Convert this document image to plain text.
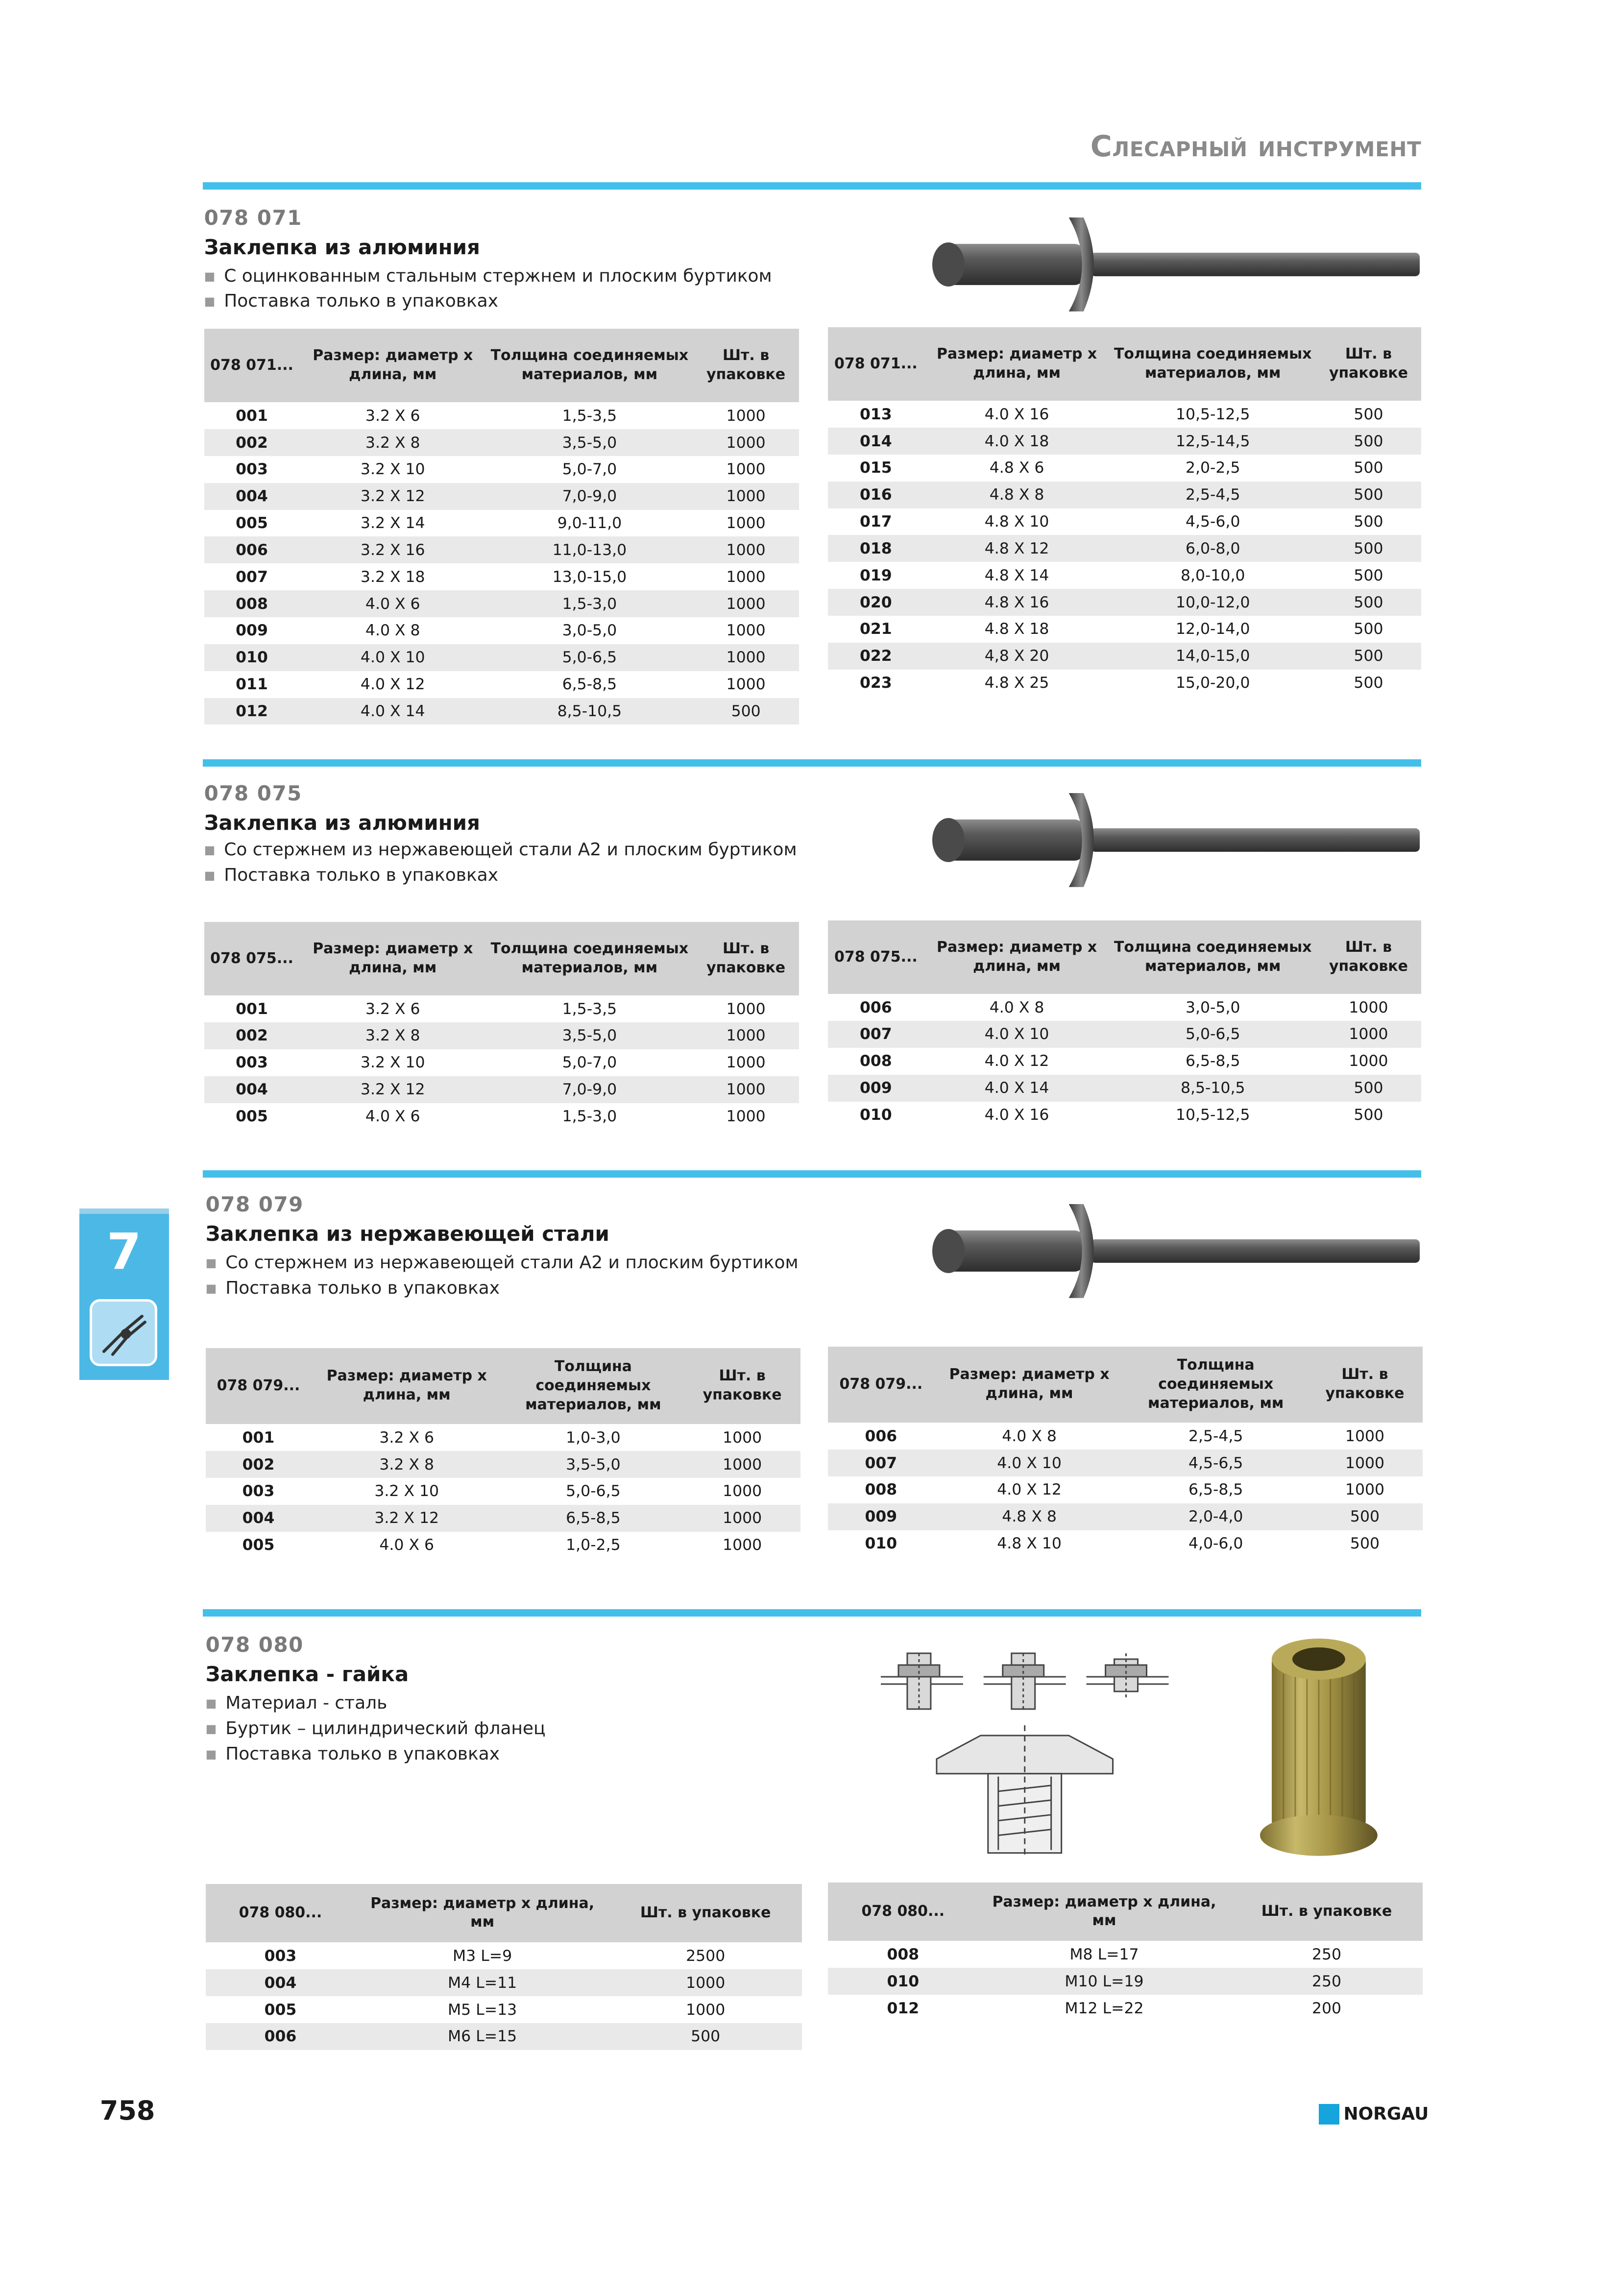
Слесарный инструмент
078 071
Заклепка из алюминия
■ С оцинкованным стальным стержнем и плоским буртиком
■ Поставка только в упаковках
078 071...	Размер: диаметр х длина, мм	Толщина соединяемых материалов, мм	Шт. в упаковке
001	3.2 X 6	1,5-3,5	1000
002	3.2 X 8	3,5-5,0	1000
003	3.2 X 10	5,0-7,0	1000
004	3.2 X 12	7,0-9,0	1000
005	3.2 X 14	9,0-11,0	1000
006	3.2 X 16	11,0-13,0	1000
007	3.2 X 18	13,0-15,0	1000
008	4.0 X 6	1,5-3,0	1000
009	4.0 X 8	3,0-5,0	1000
010	4.0 X 10	5,0-6,5	1000
011	4.0 X 12	6,5-8,5	1000
012	4.0 X 14	8,5-10,5	500
078 071...	Размер: диаметр х длина, мм	Толщина соединяемых материалов, мм	Шт. в упаковке
013	4.0 X 16	10,5-12,5	500
014	4.0 X 18	12,5-14,5	500
015	4.8 X 6	2,0-2,5	500
016	4.8 X 8	2,5-4,5	500
017	4.8 X 10	4,5-6,0	500
018	4.8 X 12	6,0-8,0	500
019	4.8 X 14	8,0-10,0	500
020	4.8 X 16	10,0-12,0	500
021	4.8 X 18	12,0-14,0	500
022	4,8 X 20	14,0-15,0	500
023	4.8 X 25	15,0-20,0	500
078 075
Заклепка из алюминия
■ Со стержнем из нержавеющей стали А2 и плоским буртиком
■ Поставка только в упаковках
078 075...	Размер: диаметр х длина, мм	Толщина соединяемых материалов, мм	Шт. в упаковке
001	3.2 X 6	1,5-3,5	1000
002	3.2 X 8	3,5-5,0	1000
003	3.2 X 10	5,0-7,0	1000
004	3.2 X 12	7,0-9,0	1000
005	4.0 X 6	1,5-3,0	1000
078 075...	Размер: диаметр х длина, мм	Толщина соединяемых материалов, мм	Шт. в упаковке
006	4.0 X 8	3,0-5,0	1000
007	4.0 X 10	5,0-6,5	1000
008	4.0 X 12	6,5-8,5	1000
009	4.0 X 14	8,5-10,5	500
010	4.0 X 16	10,5-12,5	500
078 079
Заклепка из нержавеющей стали
■ Со стержнем из нержавеющей стали А2 и плоским буртиком
■ Поставка только в упаковках
078 079...	Размер: диаметр х длина, мм	Толщина соединяемых материалов, мм	Шт. в упаковке
001	3.2 X 6	1,0-3,0	1000
002	3.2 X 8	3,5-5,0	1000
003	3.2 X 10	5,0-6,5	1000
004	3.2 X 12	6,5-8,5	1000
005	4.0 X 6	1,0-2,5	1000
078 079...	Размер: диаметр х длина, мм	Толщина соединяемых материалов, мм	Шт. в упаковке
006	4.0 X 8	2,5-4,5	1000
007	4.0 X 10	4,5-6,5	1000
008	4.0 X 12	6,5-8,5	1000
009	4.8 X 8	2,0-4,0	500
010	4.8 X 10	4,0-6,0	500
078 080
Заклепка - гайка
■ Материал - сталь
■ Буртик – цилиндрический фланец
■ Поставка только в упаковках
078 080...	Размер: диаметр х длина, мм	Шт. в упаковке
003	M3 L=9	2500
004	M4 L=11	1000
005	M5 L=13	1000
006	M6 L=15	500
078 080...	Размер: диаметр х длина, мм	Шт. в упаковке
008	M8 L=17	250
010	M10 L=19	250
012	M12 L=22	200
7
758	NORGAU
